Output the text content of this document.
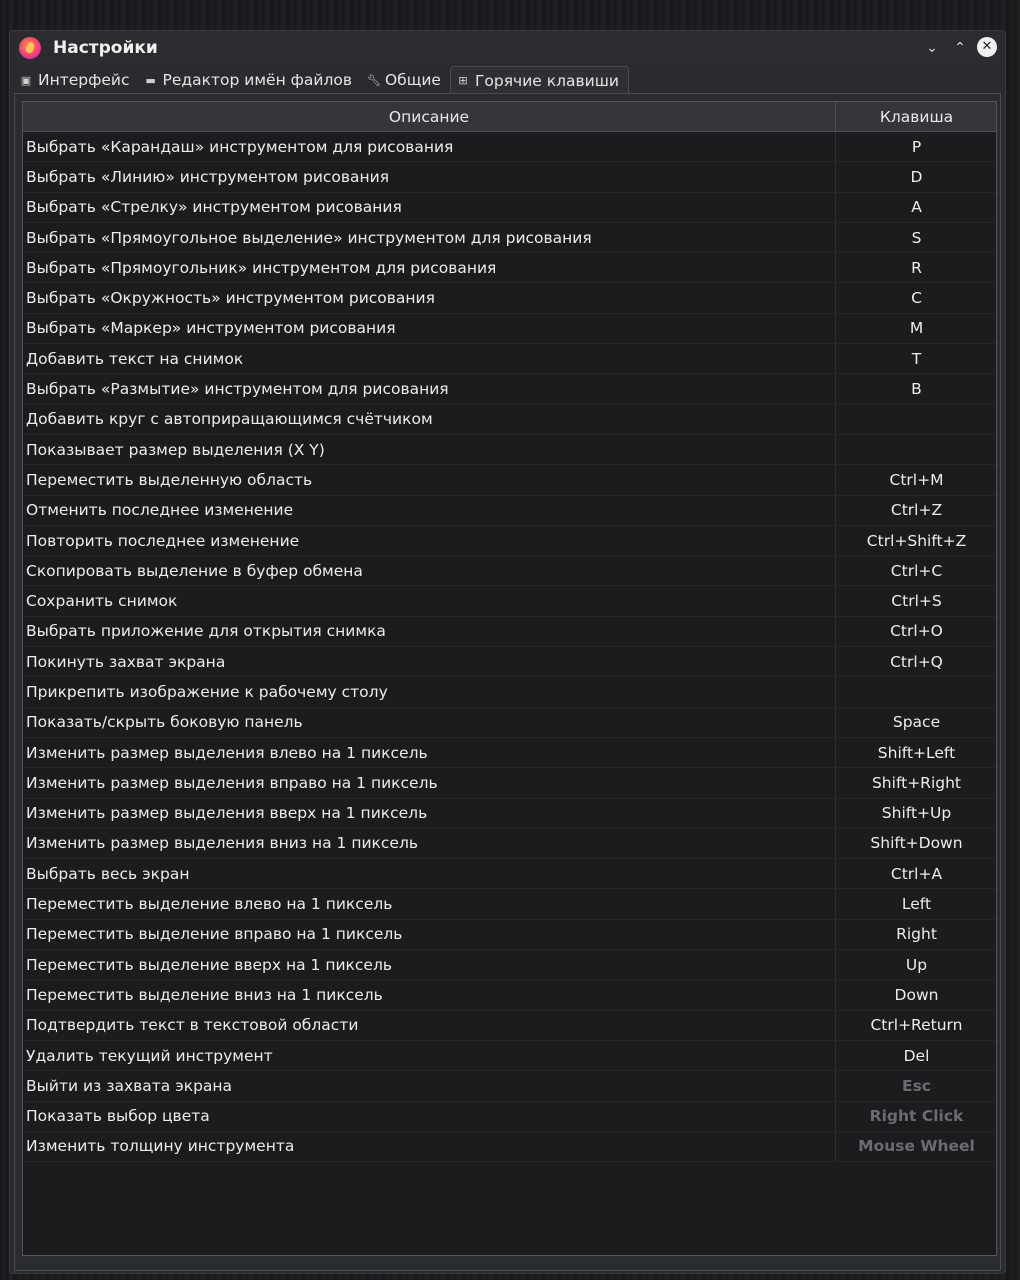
Настройки	⌄ ⌃	✕
▣ Интерфейс ▬ Редактор имён файлов 🔧︎ Общие ⊞ Горячие клавиши
Описание	Клавиша
Выбрать «Карандаш» инструментом для рисования	P
Выбрать «Линию» инструментом рисования	D
Выбрать «Стрелку» инструментом рисования	A
Выбрать «Прямоугольное выделение» инструментом для рисования	S
Выбрать «Прямоугольник» инструментом для рисования	R
Выбрать «Окружность» инструментом рисования	C
Выбрать «Маркер» инструментом рисования	M
Добавить текст на снимок	T
Выбрать «Размытие» инструментом для рисования	B
Добавить круг с автоприращающимся счётчиком	
Показывает размер выделения (X Y)	
Переместить выделенную область	Ctrl+M
Отменить последнее изменение	Ctrl+Z
Повторить последнее изменение	Ctrl+Shift+Z
Скопировать выделение в буфер обмена	Ctrl+C
Сохранить снимок	Ctrl+S
Выбрать приложение для открытия снимка	Ctrl+O
Покинуть захват экрана	Ctrl+Q
Прикрепить изображение к рабочему столу	
Показать/скрыть боковую панель	Space
Изменить размер выделения влево на 1 пиксель	Shift+Left
Изменить размер выделения вправо на 1 пиксель	Shift+Right
Изменить размер выделения вверх на 1 пиксель	Shift+Up
Изменить размер выделения вниз на 1 пиксель	Shift+Down
Выбрать весь экран	Ctrl+A
Переместить выделение влево на 1 пиксель	Left
Переместить выделение вправо на 1 пиксель	Right
Переместить выделение вверх на 1 пиксель	Up
Переместить выделение вниз на 1 пиксель	Down
Подтвердить текст в текстовой области	Ctrl+Return
Удалить текущий инструмент	Del
Выйти из захвата экрана	Esc
Показать выбор цвета	Right Click
Изменить толщину инструмента	Mouse Wheel
